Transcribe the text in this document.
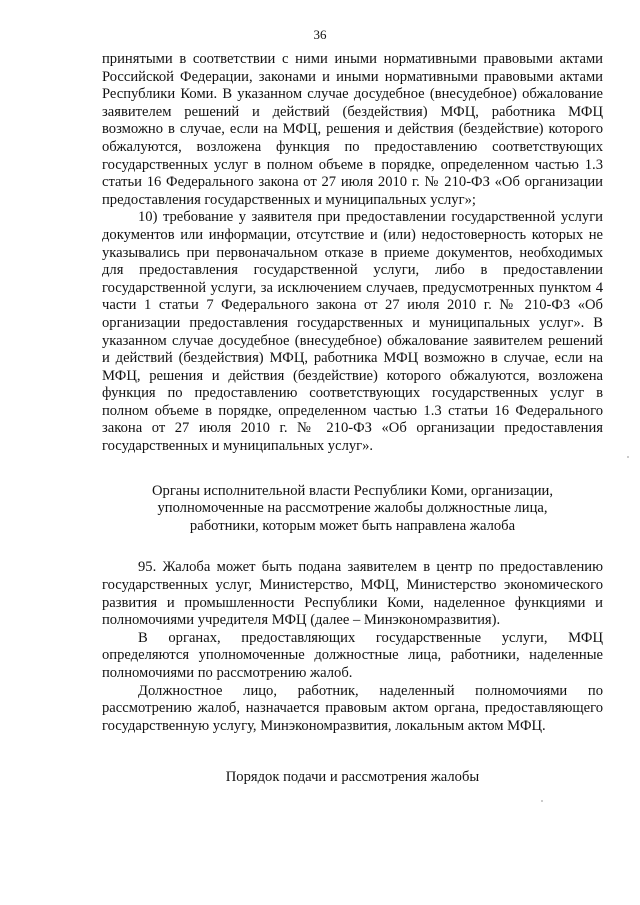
36

принятыми в соответствии с ними иными нормативными правовыми актами Российской Федерации, законами и иными нормативными правовыми актами Республики Коми. В указанном случае досудебное (внесудебное) обжалование заявителем решений и действий (бездействия) МФЦ, работника МФЦ возможно в случае, если на МФЦ, решения и действия (бездействие) которого обжалуются, возложена функция по предоставлению соответствующих государственных услуг в полном объеме в порядке, определенном частью 1.3 статьи 16 Федерального закона от 27 июля 2010 г. № 210-ФЗ «Об организации предоставления государственных и муниципальных услуг»;

10) требование у заявителя при предоставлении государственной услуги документов или информации, отсутствие и (или) недостоверность которых не указывались при первоначальном отказе в приеме документов, необходимых для предоставления государственной услуги, либо в предоставлении государственной услуги, за исключением случаев, предусмотренных пунктом 4 части 1 статьи 7 Федерального закона от 27 июля 2010 г. № 210-ФЗ «Об организации предоставления государственных и муниципальных услуг». В указанном случае досудебное (внесудебное) обжалование заявителем решений и действий (бездействия) МФЦ, работника МФЦ возможно в случае, если на МФЦ, решения и действия (бездействие) которого обжалуются, возложена функция по предоставлению соответствующих государственных услуг в полном объеме в порядке, определенном частью 1.3 статьи 16 Федерального закона от 27 июля 2010 г. № 210-ФЗ «Об организации предоставления государственных и муниципальных услуг».

Органы исполнительной власти Республики Коми, организации,

уполномоченные на рассмотрение жалобы должностные лица,

работники, которым может быть направлена жалоба

95. Жалоба может быть подана заявителем в центр по предоставлению государственных услуг, Министерство, МФЦ, Министерство экономического развития и промышленности Республики Коми, наделенное функциями и полномочиями учредителя МФЦ (далее – Минэкономразвития).

В органах, предоставляющих государственные услуги, МФЦ определяются уполномоченные должностные лица, работники, наделенные полномочиями по рассмотрению жалоб.

Должностное лицо, работник, наделенный полномочиями по рассмотрению жалоб, назначается правовым актом органа, предоставляющего государственную услугу, Минэкономразвития, локальным актом МФЦ.

Порядок подачи и рассмотрения жалобы
